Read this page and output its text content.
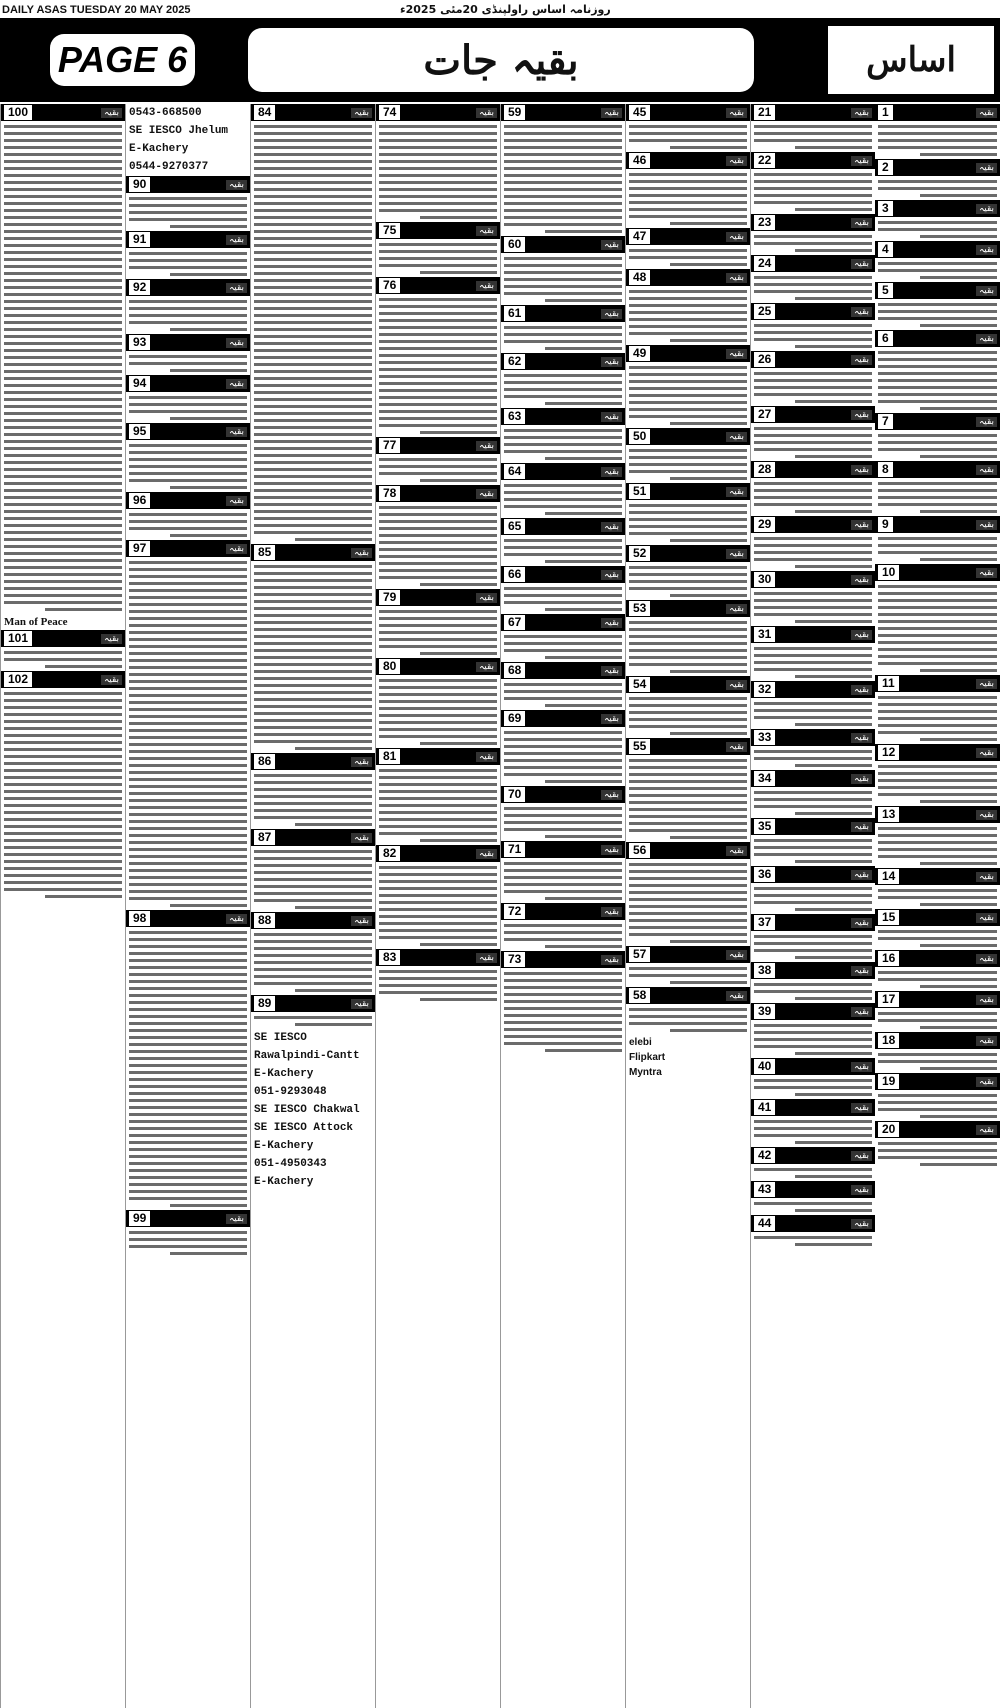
DAILY ASAS TUESDAY 20 MAY 2025	روزنامہ اساس راولپنڈی 20مئی 2025ء
PAGE 6	بقیہ جات	اساس
1	بقیہ
2	بقیہ
3	بقیہ
4	بقیہ
5	بقیہ
6	بقیہ
7	بقیہ
8	بقیہ
9	بقیہ
10	بقیہ
11	بقیہ
12	بقیہ
13	بقیہ
14	بقیہ
15	بقیہ
16	بقیہ
17	بقیہ
18	بقیہ
19	بقیہ
20	بقیہ
21	بقیہ
22	بقیہ
23	بقیہ
24	بقیہ
25	بقیہ
26	بقیہ
27	بقیہ
28	بقیہ
29	بقیہ
30	بقیہ
31	بقیہ
32	بقیہ
33	بقیہ
34	بقیہ
35	بقیہ
36	بقیہ
37	بقیہ
38	بقیہ
39	بقیہ
40	بقیہ
41	بقیہ
42	بقیہ
43	بقیہ
44	بقیہ
45	بقیہ
46	بقیہ
47	بقیہ
48	بقیہ
49	بقیہ
50	بقیہ
51	بقیہ
52	بقیہ
53	بقیہ
54	بقیہ
55	بقیہ
56	بقیہ
57	بقیہ
58	بقیہ
elebi
Flipkart
Myntra
59	بقیہ
60	بقیہ
61	بقیہ
62	بقیہ
63	بقیہ
64	بقیہ
65	بقیہ
66	بقیہ
67	بقیہ
68	بقیہ
69	بقیہ
70	بقیہ
71	بقیہ
72	بقیہ
73	بقیہ
74	بقیہ
75	بقیہ
76	بقیہ
77	بقیہ
78	بقیہ
79	بقیہ
80	بقیہ
81	بقیہ
82	بقیہ
83	بقیہ
84	بقیہ
85	بقیہ
86	بقیہ
87	بقیہ
88	بقیہ
89	بقیہ
SE IESCO
Rawalpindi-Cantt
E-Kachery
051-9293048
SE IESCO Chakwal
SE IESCO Attock
E-Kachery
051-4950343
E-Kachery
0543-668500
SE IESCO Jhelum
E-Kachery
0544-9270377
90	بقیہ
91	بقیہ
92	بقیہ
93	بقیہ
94	بقیہ
95	بقیہ
96	بقیہ
97	بقیہ
98	بقیہ
99	بقیہ
100	بقیہ
Man of Peace
101	بقیہ
102	بقیہ
